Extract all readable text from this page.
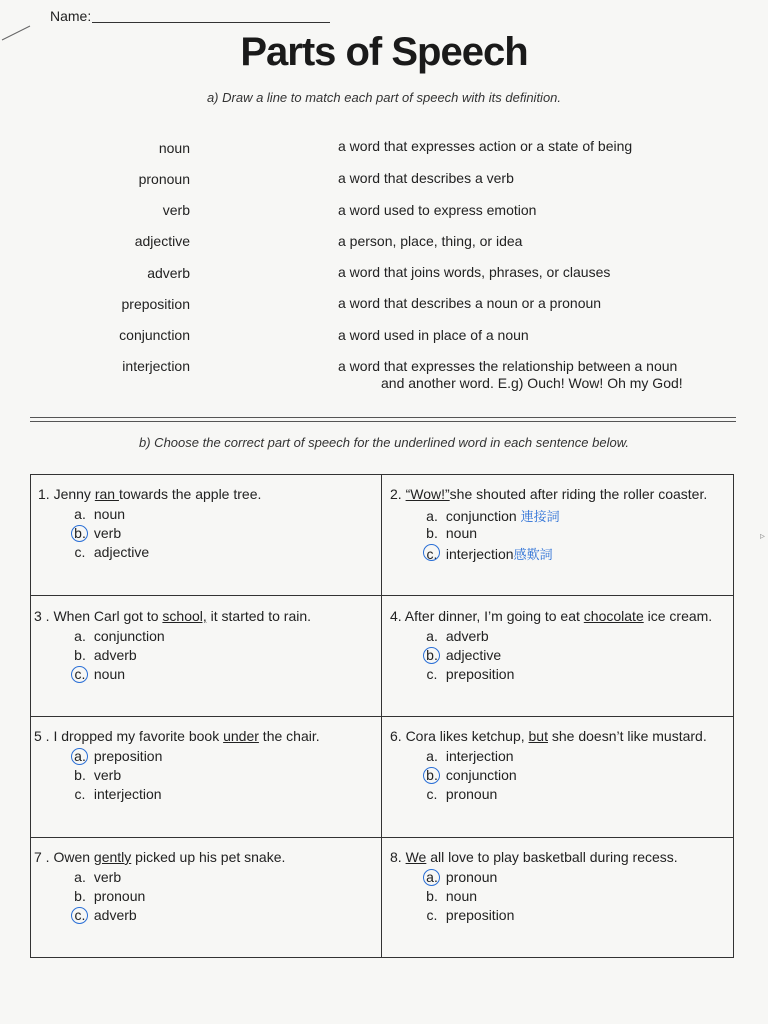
Name:
Parts of Speech
a) Draw a line to match each part of speech with its definition.
noun
pronoun
verb
adjective
adverb
preposition
conjunction
interjection
a word that expresses action or a state of being
a word that describes a verb
a word used to express emotion
a person, place, thing, or idea
a word that joins words, phrases, or clauses
a word that describes a noun or a pronoun
a word used in place of a noun
a word that expresses the relationship between a noun
and another word. E.g) Ouch! Wow! Oh my God!
b) Choose the correct part of speech for the underlined word in each sentence below.
1. Jenny ran towards the apple tree.
a. noun
b. verb
c. adjective
2. “Wow!”she shouted after riding the roller coaster.
a. conjunction 連接詞
b. noun
c. interjection感歎詞
3 . When Carl got to school, it started to rain.
a. conjunction
b. adverb
c. noun
4. After dinner, I’m going to eat chocolate ice cream.
a. adverb
b. adjective
c. preposition
5 . I dropped my favorite book under the chair.
a. preposition
b. verb
c. interjection
6. Cora likes ketchup, but she doesn’t like mustard.
a. interjection
b. conjunction
c. pronoun
7 . Owen gently picked up his pet snake.
a. verb
b. pronoun
c. adverb
8. We all love to play basketball during recess.
a. pronoun
b. noun
c. preposition
▹
